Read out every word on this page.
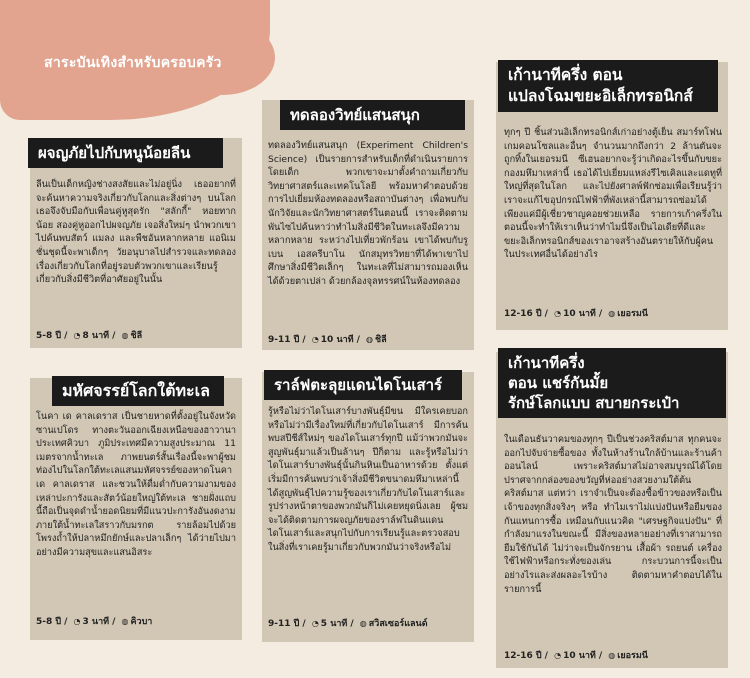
สาระบันเทิงสำหรับครอบครัว
ผจญภัยไปกับหนูน้อยลีน
ลีนเป็นเด็กหญิงช่างสงสัยและไม่อยู่นิ่ง เธออยากที่จะค้นหาความจริงเกี่ยวกับโลกและสิ่งต่างๆ บนโลก เธอจึงจับมือกับเพื่อนคู่หูสุดรัก "สลักกี้" หอยทากน้อย สองคู่หูออกไปผจญภัย เจอสิ่งใหม่ๆ นำพวกเขาไปค้นพบสัตว์ แมลง และพืชอันหลากหลาย แอนิเมชั่นชุดนี้จะพาเด็กๆ วัยอนุบาลไปสำรวจและทดลองเรื่องเกี่ยวกับโลกที่อยู่รอบตัวพวกเขาและเรียนรู้เกี่ยวกับสิ่งมีชีวิตที่อาศัยอยู่ในนั้น
5-8 ปี / ◔ 8 นาที / ◍ ชิลี
ทดลองวิทย์แสนสนุก
ทดลองวิทย์แสนสนุก (Experiment Children's Science) เป็นรายการสำหรับเด็กที่ดำเนินรายการโดยเด็ก พวกเขาจะมาตั้งคำถามเกี่ยวกับวิทยาศาสตร์และเทคโนโลยี พร้อมหาคำตอบด้วยการไปเยี่ยมห้องทดลองหรือสถาบันต่างๆ เพื่อพบกับนักวิจัยและนักวิทยาศาสตร์ในตอนนี้ เราจะติดตามพันไซไปค้นหาว่าทำไมสิ่งมีชีวิตในทะเลจึงมีความหลากหลาย ระหว่างไปเที่ยวพักร้อน เขาได้พบกับรูเบน เอสครีบาโน นักสมุทรวิทยาที่ได้พาเขาไปศึกษาสิ่งมีชีวิตเล็กๆ ในทะเลที่ไม่สามารถมองเห็นได้ด้วยตาเปล่า ด้วยกล้องจุลทรรศน์ในห้องทดลอง
9-11 ปี / ◔ 10 นาที / ◍ ชิลี
เก้านาทีครึ่ง ตอน
แปลงโฉมขยะอิเล็กทรอนิกส์
ทุกๆ ปี ชิ้นส่วนอิเล็กทรอนิกส์เก่าอย่างตู้เย็น สมาร์ทโฟน เกมคอนโซลและอื่นๆ จำนวนมากถึงกว่า 2 ล้านตันจะถูกทิ้งในเยอรมนี ซีเฮนอยากจะรู้ว่าเกิดอะไรขึ้นกับขยะกองมหึมาเหล่านี้ เธอได้ไปเยี่ยมแหล่งรีไซเคิลและแดทูที่ใหญ่ที่สุดในโลก และไปยังศาลพ์ฟักซ่อมเพื่อเรียนรู้ว่าเราจะแก้ไขอุปกรณ์ไฟฟ้าที่พังเหล่านี้สามารถซ่อมได้ เพียงแค่มีผู้เชี่ยวชาญคอยช่วยเหลือ รายการเก้าครึ่งในตอนนี้จะทำให้เราเห็นว่าทำไมนี่จึงเป็นไอเดียที่ดีและขยะอิเล็กทรอนิกส์ของเราอาจสร้างอันตรายให้กับผู้คนในประเทศอื่นได้อย่างไร
12-16 ปี / ◔ 10 นาที / ◍ เยอรมนี
มหัศจรรย์โลกใต้ทะเล
โนคา เด คาลเดราส เป็นชายหาดที่ตั้งอยู่ในจังหวัดซานเปโดร ทางตะวันออกเฉียงเหนือของฮาวานา ประเทศคิวบา ภูมิประเทศมีความสูงประมาณ 11 เมตรจากน้ำทะเล ภาพยนตร์สั้นเรื่องนี้จะพาผู้ชมท่องไปในโลกใต้ทะเลแสนมหัศจรรย์ของหาดโนคา เด คาลเดราส และชวนให้ดื่มด่ำกับความงามของเหล่าปะการังและสัตว์น้อยใหญ่ใต้ทะเล ชายฝั่งแถบนี้ถือเป็นจุดดำน้ำยอดนิยมที่มีแนวปะการังอันงดงาม ภายใต้น้ำทะเลใสราวกับมรกต รายล้อมไปด้วยโพรงถ้ำให้ปลาหมึกยักษ์และปลาเล็กๆ ได้ว่ายไปมาอย่างมีความสุขและแสนอิสระ
5-8 ปี / ◔ 3 นาที / ◍ คิวบา
ราล์ฟตะลุยแดนไดโนเสาร์
รู้หรือไม่ว่าไดโนเสาร์บางพันธุ์มีขน มีใครเคยบอกหรือไม่ว่ามีเรื่องใหม่ที่เกี่ยวกับไดโนเสาร์ มีการค้นพบสปีชีส์ใหม่ๆ ของไดโนเสาร์ทุกปี แม้ว่าพวกมันจะสูญพันธุ์มาแล้วเป็นล้านๆ ปีก็ตาม และรู้หรือไม่ว่าไดโนเสาร์บางพันธุ์นั้นกินหินเป็นอาหารด้วย ตั้งแต่เริ่มมีการค้นพบว่าเจ้าสิ่งมีชีวิตขนาดมหึมาเหล่านี้ได้สูญพันธุ์ไปความรู้ของเราเกี่ยวกับไดโนเสาร์และรูปร่างหน้าตาของพวกมันก็ไม่เคยหยุดนิ่งเลย ผู้ชมจะได้ติดตามการผจญภัยของราล์ฟในดินแดนไดโนเสาร์และสนุกไปกับการเรียนรู้และตรวจสอบในสิ่งที่เราเคยรู้มาเกี่ยวกับพวกมันว่าจริงหรือไม่
9-11 ปี / ◔ 5 นาที / ◍ สวิสเซอร์แลนด์
เก้านาทีครึ่ง
ตอน แชร์กันมั้ย
รักษ์โลกแบบ สบายกระเป๋า
ในเดือนธันวาคมของทุกๆ ปีเป็นช่วงคริสต์มาส ทุกคนจะออกไปจับจ่ายซื้อของ ทั้งในห้างร้านใกล้บ้านและร้านค้าออนไลน์ เพราะคริสต์มาสไม่อาจสมบูรณ์ได้โดยปราศจากกล่องของขวัญที่ห่ออย่างสวยงามใต้ต้นคริสต์มาส แต่ทว่า เราจำเป็นจะต้องซื้อข้าวของหรือเป็นเจ้าของทุกสิ่งจริงๆ หรือ ทำไมเราไม่แบ่งปันหรือยืมของกันแทนการซื้อ เหมือนกับแนวคิด "เศรษฐกิจแบ่งปัน" ที่กำลังมาแรงในขณะนี้ มีสิ่งของหลายอย่างที่เราสามารถยืมใช้กันได้ ไม่ว่าจะเป็นจักรยาน เสื้อผ้า รถยนต์ เครื่องใช้ไฟฟ้าหรือกระทั่งของเล่น กระบวนการนี้จะเป็นอย่างไรและส่งผลอะไรบ้าง ติดตามหาคำตอบได้ในรายการนี้
12-16 ปี / ◔ 10 นาที / ◍ เยอรมนี
